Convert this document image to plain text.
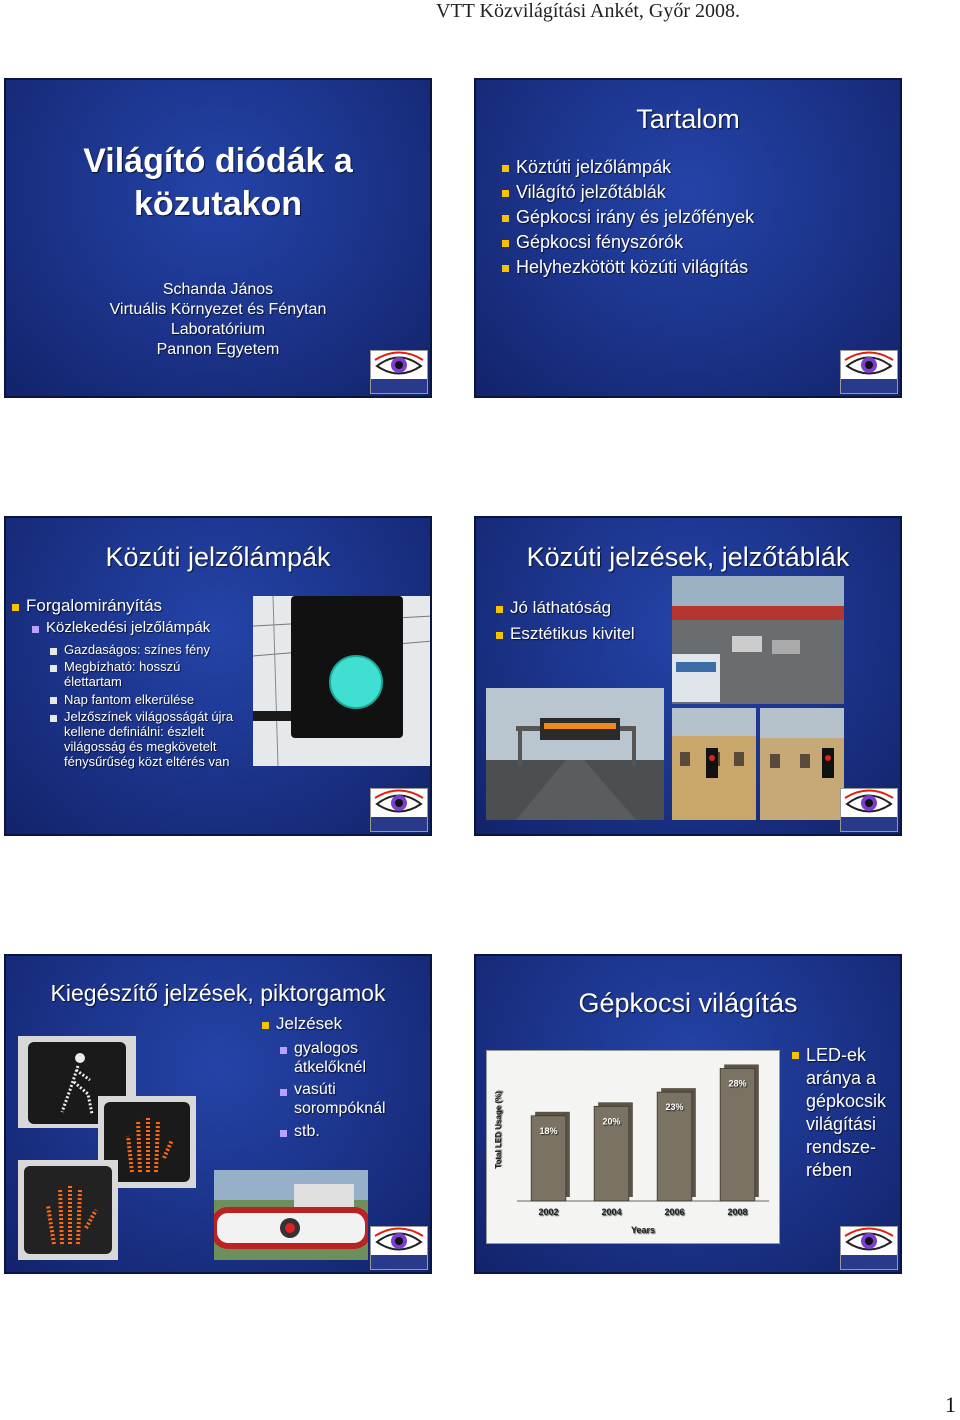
VTT Közvilágítási Ankét, Győr 2008.
Világító diódák a közutakon
Schanda János
Virtuális Környezet és Fénytan
Laboratórium
Pannon Egyetem
Tartalom
Köztúti jelzőlámpák
Világító jelzőtáblák
Gépkocsi irány és jelzőfények
Gépkocsi fényszórók
Helyhezkötött közúti világítás
Közúti jelzőlámpák
Forgalomirányítás
Közlekedési jelzőlámpák
Gazdaságos: színes fény
Megbízható: hosszú élettartam
Nap fantom elkerülése
Jelzőszínek világosságát újra kellene definiálni: észlelt világosság és megkövetelt fénysűrűség közt eltérés van
Közúti jelzések, jelzőtáblák
Jó láthatóság
Esztétikus kivitel
Kiegészítő jelzések, piktorgamok
Jelzések
gyalogos átkelőknél
vasúti sorompóknál
stb.
Gépkocsi világítás
18%
2002
20%
2004
23%
2006
28%
2008
Years
Total LED Usage (%)
LED-ek aránya a gépkocsik világítási rendsze-rében
1
